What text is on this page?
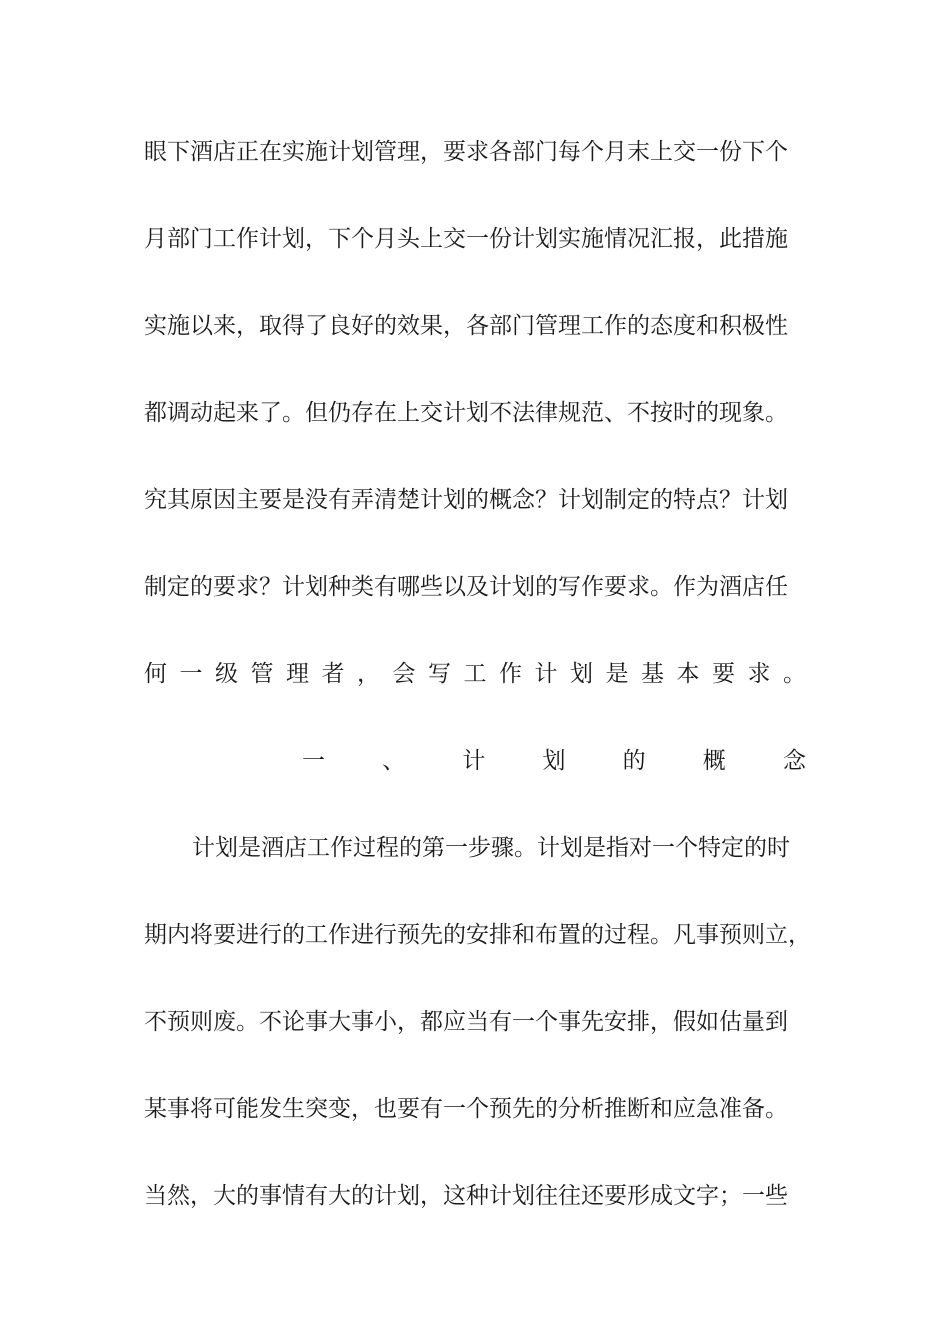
眼下酒店正在实施计划管理，要求各部门每个月末上交一份下个
月部门工作计划，下个月头上交一份计划实施情况汇报，此措施
实施以来，取得了良好的效果，各部门管理工作的态度和积极性
都调动起来了。但仍存在上交计划不法律规范、不按时的现象。
究其原因主要是没有弄清楚计划的概念？计划制定的特点？计划
制定的要求？计划种类有哪些以及计划的写作要求。作为酒店任
何 一 级 管 理 者 ， 会 写 工 作 计 划 是 基 本 要 求 。
一 、 计 划 的 概 念
计划是酒店工作过程的第一步骤。计划是指对一个特定的时
期内将要进行的工作进行预先的安排和布置的过程。凡事预则立，
不预则废。不论事大事小，都应当有一个事先安排，假如估量到
某事将可能发生突变，也要有一个预先的分析推断和应急准备。
当然，大的事情有大的计划，这种计划往往还要形成文字；一些
